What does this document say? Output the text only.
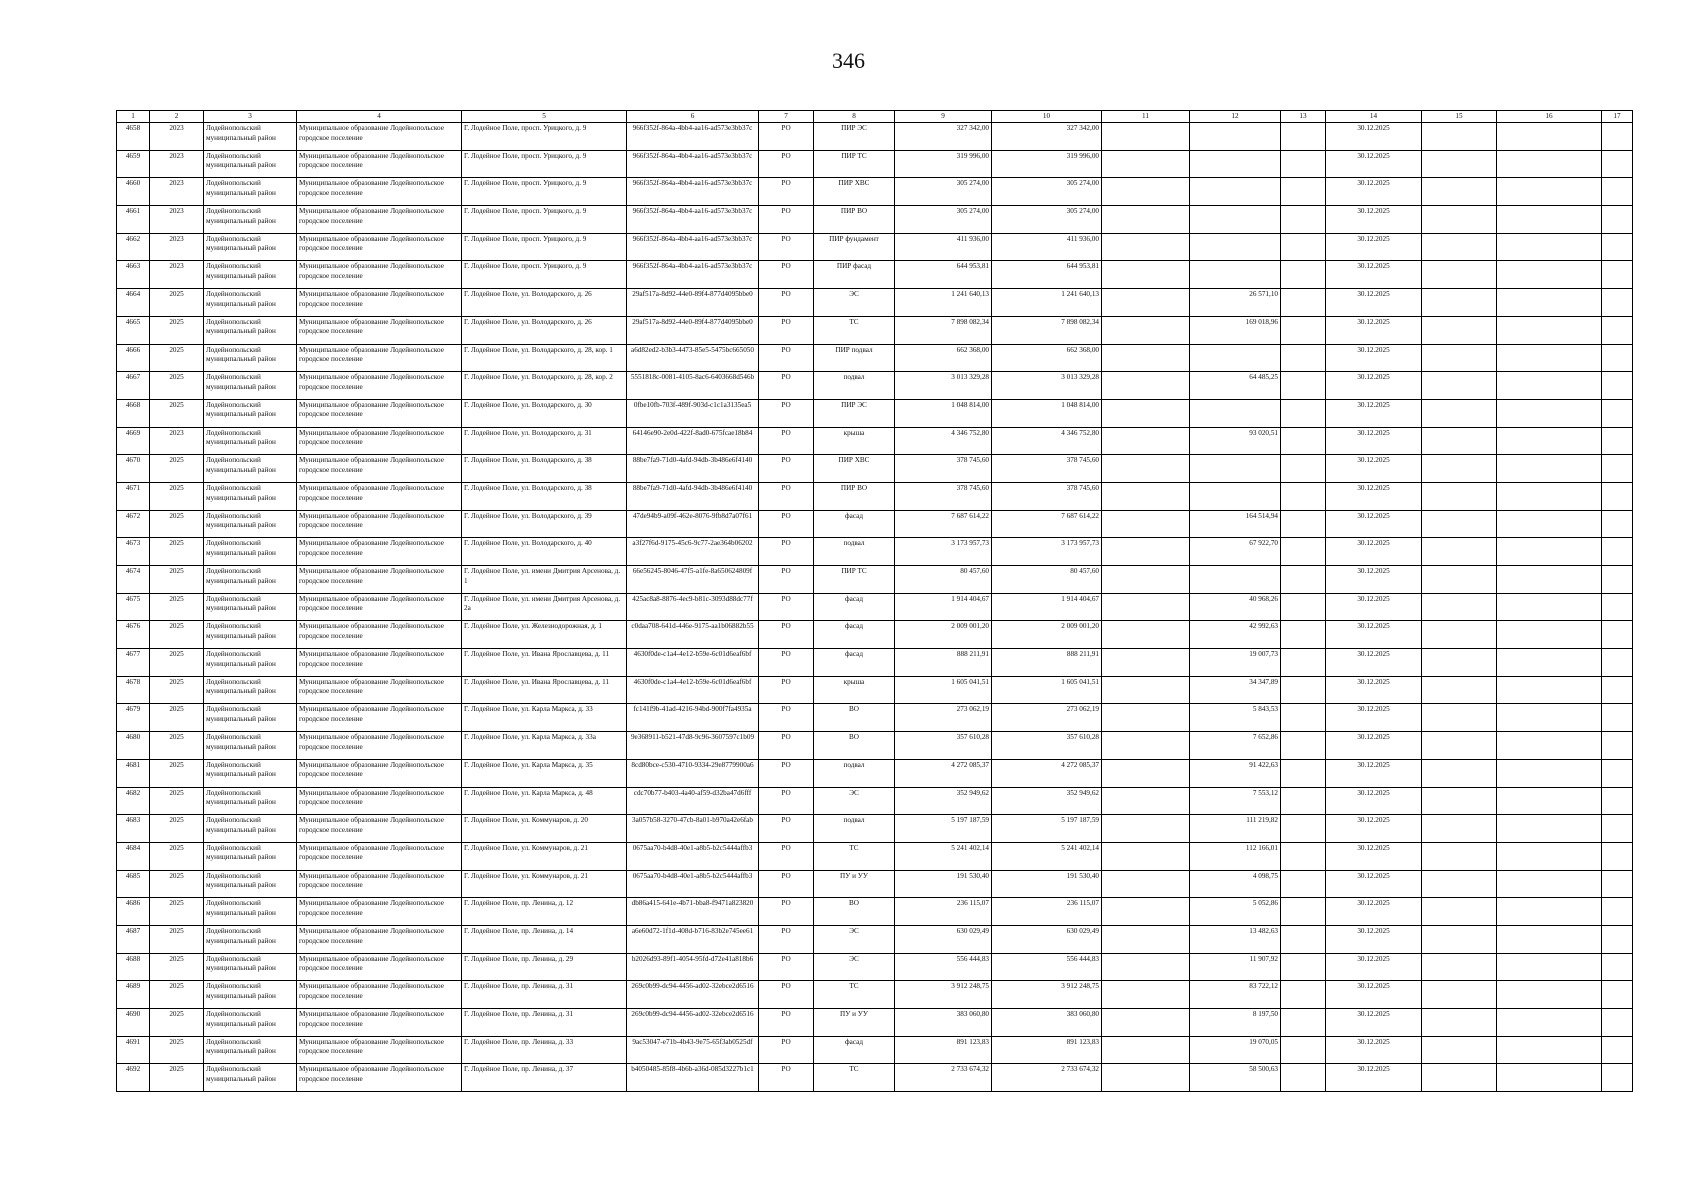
346
1	2	3	4	5	6	7	8	9	10	11	12	13	14	15	16	17
4658	2023	Лодейнопольский муниципальный район	Муниципальное образование Лодейнопольское городское поселение	Г. Лодейное Поле, просп. Урицкого, д. 9	966f352f-864a-4bb4-aa16-ad573e3bb37c	РО	ПИР ЭС	327 342,00	327 342,00				30.12.2025			
4659	2023	Лодейнопольский муниципальный район	Муниципальное образование Лодейнопольское городское поселение	Г. Лодейное Поле, просп. Урицкого, д. 9	966f352f-864a-4bb4-aa16-ad573e3bb37c	РО	ПИР ТС	319 996,00	319 996,00				30.12.2025			
4660	2023	Лодейнопольский муниципальный район	Муниципальное образование Лодейнопольское городское поселение	Г. Лодейное Поле, просп. Урицкого, д. 9	966f352f-864a-4bb4-aa16-ad573e3bb37c	РО	ПИР ХВС	305 274,00	305 274,00				30.12.2025			
4661	2023	Лодейнопольский муниципальный район	Муниципальное образование Лодейнопольское городское поселение	Г. Лодейное Поле, просп. Урицкого, д. 9	966f352f-864a-4bb4-aa16-ad573e3bb37c	РО	ПИР ВО	305 274,00	305 274,00				30.12.2025			
4662	2023	Лодейнопольский муниципальный район	Муниципальное образование Лодейнопольское городское поселение	Г. Лодейное Поле, просп. Урицкого, д. 9	966f352f-864a-4bb4-aa16-ad573e3bb37c	РО	ПИР фундамент	411 936,00	411 936,00				30.12.2025			
4663	2023	Лодейнопольский муниципальный район	Муниципальное образование Лодейнопольское городское поселение	Г. Лодейное Поле, просп. Урицкого, д. 9	966f352f-864a-4bb4-aa16-ad573e3bb37c	РО	ПИР фасад	644 953,81	644 953,81				30.12.2025			
4664	2025	Лодейнопольский муниципальный район	Муниципальное образование Лодейнопольское городское поселение	Г. Лодейное Поле, ул. Володарского, д. 26	29af517a-8d92-44e0-89f4-877d4095bbe0	РО	ЭС	1 241 640,13	1 241 640,13		26 571,10		30.12.2025			
4665	2025	Лодейнопольский муниципальный район	Муниципальное образование Лодейнопольское городское поселение	Г. Лодейное Поле, ул. Володарского, д. 26	29af517a-8d92-44e0-89f4-877d4095bbe0	РО	ТС	7 898 082,34	7 898 082,34		169 018,96		30.12.2025			
4666	2025	Лодейнопольский муниципальный район	Муниципальное образование Лодейнопольское городское поселение	Г. Лодейное Поле, ул. Володарского, д. 28, кор. 1	a6d82ed2-b3b3-4473-85e5-5475bc665050	РО	ПИР подвал	662 368,00	662 368,00				30.12.2025			
4667	2025	Лодейнопольский муниципальный район	Муниципальное образование Лодейнопольское городское поселение	Г. Лодейное Поле, ул. Володарского, д. 28, кор. 2	5551818c-0081-4105-8ac6-6403668d546b	РО	подвал	3 013 329,28	3 013 329,28		64 485,25		30.12.2025			
4668	2025	Лодейнопольский муниципальный район	Муниципальное образование Лодейнопольское городское поселение	Г. Лодейное Поле, ул. Володарского, д. 30	0fbe10fb-703f-489f-903d-c1c1a3135ea5	РО	ПИР ЭС	1 048 814,00	1 048 814,00				30.12.2025			
4669	2023	Лодейнопольский муниципальный район	Муниципальное образование Лодейнопольское городское поселение	Г. Лодейное Поле, ул. Володарского, д. 31	64146e90-2e0d-422f-8ad0-675fcae18b84	РО	крыша	4 346 752,80	4 346 752,80		93 020,51		30.12.2025			
4670	2025	Лодейнопольский муниципальный район	Муниципальное образование Лодейнопольское городское поселение	Г. Лодейное Поле, ул. Володарского, д. 38	88be7fa9-71d0-4afd-94db-3b486e6f4140	РО	ПИР ХВС	378 745,60	378 745,60				30.12.2025			
4671	2025	Лодейнопольский муниципальный район	Муниципальное образование Лодейнопольское городское поселение	Г. Лодейное Поле, ул. Володарского, д. 38	88be7fa9-71d0-4afd-94db-3b486e6f4140	РО	ПИР ВО	378 745,60	378 745,60				30.12.2025			
4672	2025	Лодейнопольский муниципальный район	Муниципальное образование Лодейнопольское городское поселение	Г. Лодейное Поле, ул. Володарского, д. 39	47de94b9-a09f-462e-8076-9fb8d7a07f61	РО	фасад	7 687 614,22	7 687 614,22		164 514,94		30.12.2025			
4673	2025	Лодейнопольский муниципальный район	Муниципальное образование Лодейнопольское городское поселение	Г. Лодейное Поле, ул. Володарского, д. 40	a3f27f6d-9175-45c6-9c77-2ae364b06202	РО	подвал	3 173 957,73	3 173 957,73		67 922,70		30.12.2025			
4674	2025	Лодейнопольский муниципальный район	Муниципальное образование Лодейнопольское городское поселение	Г. Лодейное Поле, ул. имени Дмитрия Арсенова, д. 1	66e56245-8046-47f5-a1fe-8a650624809f	РО	ПИР ТС	80 457,60	80 457,60				30.12.2025			
4675	2025	Лодейнопольский муниципальный район	Муниципальное образование Лодейнопольское городское поселение	Г. Лодейное Поле, ул. имени Дмитрия Арсенова, д. 2а	425ac8a8-8876-4ec9-b81c-3093d88dc77f	РО	фасад	1 914 404,67	1 914 404,67		40 968,26		30.12.2025			
4676	2025	Лодейнопольский муниципальный район	Муниципальное образование Лодейнопольское городское поселение	Г. Лодейное Поле, ул. Железнодорожная, д. 1	c0daa708-641d-446e-9175-aa1b06882b55	РО	фасад	2 009 001,20	2 009 001,20		42 992,63		30.12.2025			
4677	2025	Лодейнопольский муниципальный район	Муниципальное образование Лодейнопольское городское поселение	Г. Лодейное Поле, ул. Ивана Ярославцева, д. 11	4630f0de-c1a4-4e12-b59e-6c01d6eaf6bf	РО	фасад	888 211,91	888 211,91		19 007,73		30.12.2025			
4678	2025	Лодейнопольский муниципальный район	Муниципальное образование Лодейнопольское городское поселение	Г. Лодейное Поле, ул. Ивана Ярославцева, д. 11	4630f0de-c1a4-4e12-b59e-6c01d6eaf6bf	РО	крыша	1 605 041,51	1 605 041,51		34 347,89		30.12.2025			
4679	2025	Лодейнопольский муниципальный район	Муниципальное образование Лодейнопольское городское поселение	Г. Лодейное Поле, ул. Карла Маркса, д. 33	fc141f9b-41ad-4216-94bd-900f7fa4935a	РО	ВО	273 062,19	273 062,19		5 843,53		30.12.2025			
4680	2025	Лодейнопольский муниципальный район	Муниципальное образование Лодейнопольское городское поселение	Г. Лодейное Поле, ул. Карла Маркса, д. 33а	9e368911-b521-47d8-9c96-3607597c1b09	РО	ВО	357 610,28	357 610,28		7 652,86		30.12.2025			
4681	2025	Лодейнопольский муниципальный район	Муниципальное образование Лодейнопольское городское поселение	Г. Лодейное Поле, ул. Карла Маркса, д. 35	8cd80bce-c530-4710-9334-29e8779900a6	РО	подвал	4 272 085,37	4 272 085,37		91 422,63		30.12.2025			
4682	2025	Лодейнопольский муниципальный район	Муниципальное образование Лодейнопольское городское поселение	Г. Лодейное Поле, ул. Карла Маркса, д. 48	cdc70b77-b403-4a40-af59-d32ba47d6fff	РО	ЭС	352 949,62	352 949,62		7 553,12		30.12.2025			
4683	2025	Лодейнопольский муниципальный район	Муниципальное образование Лодейнопольское городское поселение	Г. Лодейное Поле, ул. Коммунаров, д. 20	3a057b58-3270-47cb-8a01-b970a42e6fab	РО	подвал	5 197 187,59	5 197 187,59		111 219,82		30.12.2025			
4684	2025	Лодейнопольский муниципальный район	Муниципальное образование Лодейнопольское городское поселение	Г. Лодейное Поле, ул. Коммунаров, д. 21	0675aa70-b4d8-40e1-a8b5-b2c5444affb3	РО	ТС	5 241 402,14	5 241 402,14		112 166,01		30.12.2025			
4685	2025	Лодейнопольский муниципальный район	Муниципальное образование Лодейнопольское городское поселение	Г. Лодейное Поле, ул. Коммунаров, д. 21	0675aa70-b4d8-40e1-a8b5-b2c5444affb3	РО	ПУ и УУ	191 530,40	191 530,40		4 098,75		30.12.2025			
4686	2025	Лодейнопольский муниципальный район	Муниципальное образование Лодейнопольское городское поселение	Г. Лодейное Поле, пр. Ленина, д. 12	db86a415-641e-4b71-bba8-f9471a823820	РО	ВО	236 115,07	236 115,07		5 052,86		30.12.2025			
4687	2025	Лодейнопольский муниципальный район	Муниципальное образование Лодейнопольское городское поселение	Г. Лодейное Поле, пр. Ленина, д. 14	a6e60d72-1f1d-408d-b716-83b2e745ee61	РО	ЭС	630 029,49	630 029,49		13 482,63		30.12.2025			
4688	2025	Лодейнопольский муниципальный район	Муниципальное образование Лодейнопольское городское поселение	Г. Лодейное Поле, пр. Ленина, д. 29	b2026d93-89f1-4054-95fd-d72e41a818b6	РО	ЭС	556 444,83	556 444,83		11 907,92		30.12.2025			
4689	2025	Лодейнопольский муниципальный район	Муниципальное образование Лодейнопольское городское поселение	Г. Лодейное Поле, пр. Ленина, д. 31	269c0b99-dc94-4456-ad02-32ebce2d6516	РО	ТС	3 912 248,75	3 912 248,75		83 722,12		30.12.2025			
4690	2025	Лодейнопольский муниципальный район	Муниципальное образование Лодейнопольское городское поселение	Г. Лодейное Поле, пр. Ленина, д. 31	269c0b99-dc94-4456-ad02-32ebce2d6516	РО	ПУ и УУ	383 060,80	383 060,80		8 197,50		30.12.2025			
4691	2025	Лодейнопольский муниципальный район	Муниципальное образование Лодейнопольское городское поселение	Г. Лодейное Поле, пр. Ленина, д. 33	9ac53047-e71b-4b43-9e75-65f3ab0525df	РО	фасад	891 123,83	891 123,83		19 070,05		30.12.2025			
4692	2025	Лодейнопольский муниципальный район	Муниципальное образование Лодейнопольское городское поселение	Г. Лодейное Поле, пр. Ленина, д. 37	b4050485-85f8-4b6b-a36d-085d3227b1c1	РО	ТС	2 733 674,32	2 733 674,32		58 500,63		30.12.2025			
